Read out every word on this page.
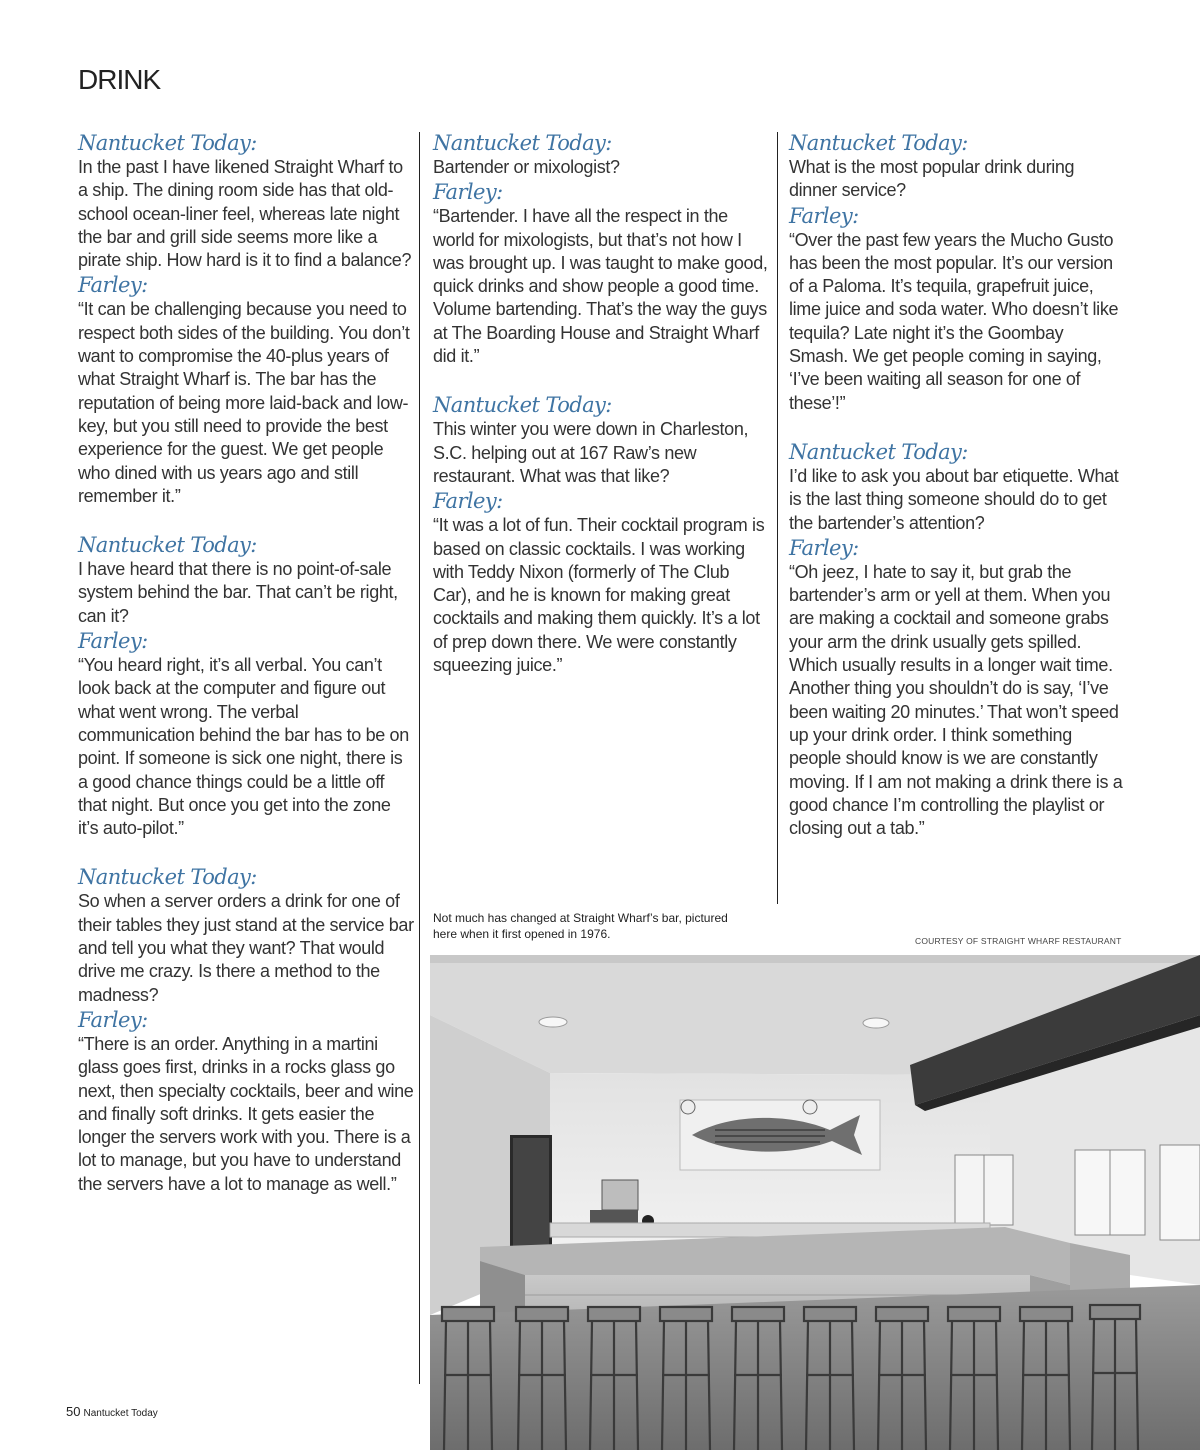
DRINK
Nantucket Today:

In the past I have likened Straight Wharf to a ship. The dining room side has that old-school ocean-liner feel, whereas late night the bar and grill side seems more like a pirate ship. How hard is it to find a balance?

Farley:

“It can be challenging because you need to respect both sides of the building. You don’t want to compromise the 40-plus years of what Straight Wharf is. The bar has the reputation of being more laid-back and low-key, but you still need to provide the best experience for the guest. We get people who dined with us years ago and still remember it.”

Nantucket Today:

I have heard that there is no point-of-sale system behind the bar. That can’t be right, can it?

Farley:

“You heard right, it’s all verbal. You can’t look back at the computer and figure out what went wrong. The verbal communication behind the bar has to be on point. If someone is sick one night, there is a good chance things could be a little off that night. But once you get into the zone it’s auto-pilot.”

Nantucket Today:

So when a server orders a drink for one of their tables they just stand at the service bar and tell you what they want? That would drive me crazy. Is there a method to the madness?

Farley:

“There is an order. Anything in a martini glass goes first, drinks in a rocks glass go next, then specialty cocktails, beer and wine and finally soft drinks. It gets easier the longer the servers work with you. There is a lot to manage, but you have to understand the servers have a lot to manage as well.”

Nantucket Today:

Bartender or mixologist?

Farley:

“Bartender. I have all the respect in the world for mixologists, but that’s not how I was brought up. I was taught to make good, quick drinks and show people a good time. Volume bartending. That’s the way the guys at The Boarding House and Straight Wharf did it.”

Nantucket Today:

This winter you were down in Charleston, S.C. helping out at 167 Raw’s new restaurant. What was that like?

Farley:

“It was a lot of fun. Their cocktail program is based on classic cocktails. I was working with Teddy Nixon (formerly of The Club Car), and he is known for making great cocktails and making them quickly. It’s a lot of prep down there. We were constantly squeezing juice.”

Nantucket Today:

What is the most popular drink during dinner service?

Farley:

“Over the past few years the Mucho Gusto has been the most popular. It’s our version of a Paloma. It’s tequila, grapefruit juice, lime juice and soda water. Who doesn’t like tequila? Late night it’s the Goombay Smash. We get people coming in saying, ‘I’ve been waiting all season for one of these’!”

Nantucket Today:

I’d like to ask you about bar etiquette. What is the last thing someone should do to get the bartender’s attention?

Farley:

“Oh jeez, I hate to say it, but grab the bartender’s arm or yell at them. When you are making a cocktail and someone grabs your arm the drink usually gets spilled. Which usually results in a longer wait time. Another thing you shouldn’t do is say, ‘I’ve been waiting 20 minutes.’ That won’t speed up your drink order. I think something people should know is we are constantly moving. If I am not making a drink there is a good chance I’m controlling the playlist or closing out a tab.”

Not much has changed at Straight Wharf’s bar, pictured here when it first opened in 1976.	COURTESY OF STRAIGHT WHARF RESTAURANT
50 Nantucket Today
